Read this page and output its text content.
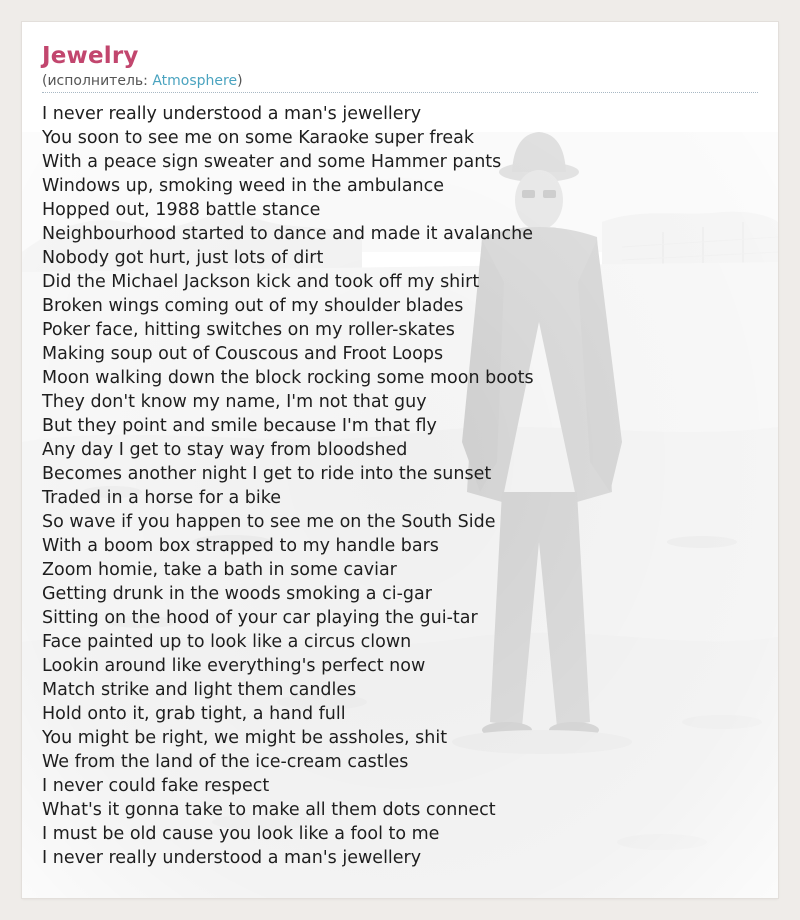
Jewelry
(исполнитель: Atmosphere)
I never really understood a man's jewellery
You soon to see me on some Karaoke super freak
With a peace sign sweater and some Hammer pants
Windows up, smoking weed in the ambulance
Hopped out, 1988 battle stance
Neighbourhood started to dance and made it avalanche
Nobody got hurt, just lots of dirt
Did the Michael Jackson kick and took off my shirt
Broken wings coming out of my shoulder blades
Poker face, hitting switches on my roller-skates
Making soup out of Couscous and Froot Loops
Moon walking down the block rocking some moon boots
They don't know my name, I'm not that guy
But they point and smile because I'm that fly
Any day I get to stay way from bloodshed
Becomes another night I get to ride into the sunset
Traded in a horse for a bike
So wave if you happen to see me on the South Side
With a boom box strapped to my handle bars
Zoom homie, take a bath in some caviar
Getting drunk in the woods smoking a ci-gar
Sitting on the hood of your car playing the gui-tar
Face painted up to look like a circus clown
Lookin around like everything's perfect now
Match strike and light them candles
Hold onto it, grab tight, a hand full
You might be right, we might be assholes, shit
We from the land of the ice-cream castles
I never could fake respect
What's it gonna take to make all them dots connect
I must be old cause you look like a fool to me
I never really understood a man's jewellery
